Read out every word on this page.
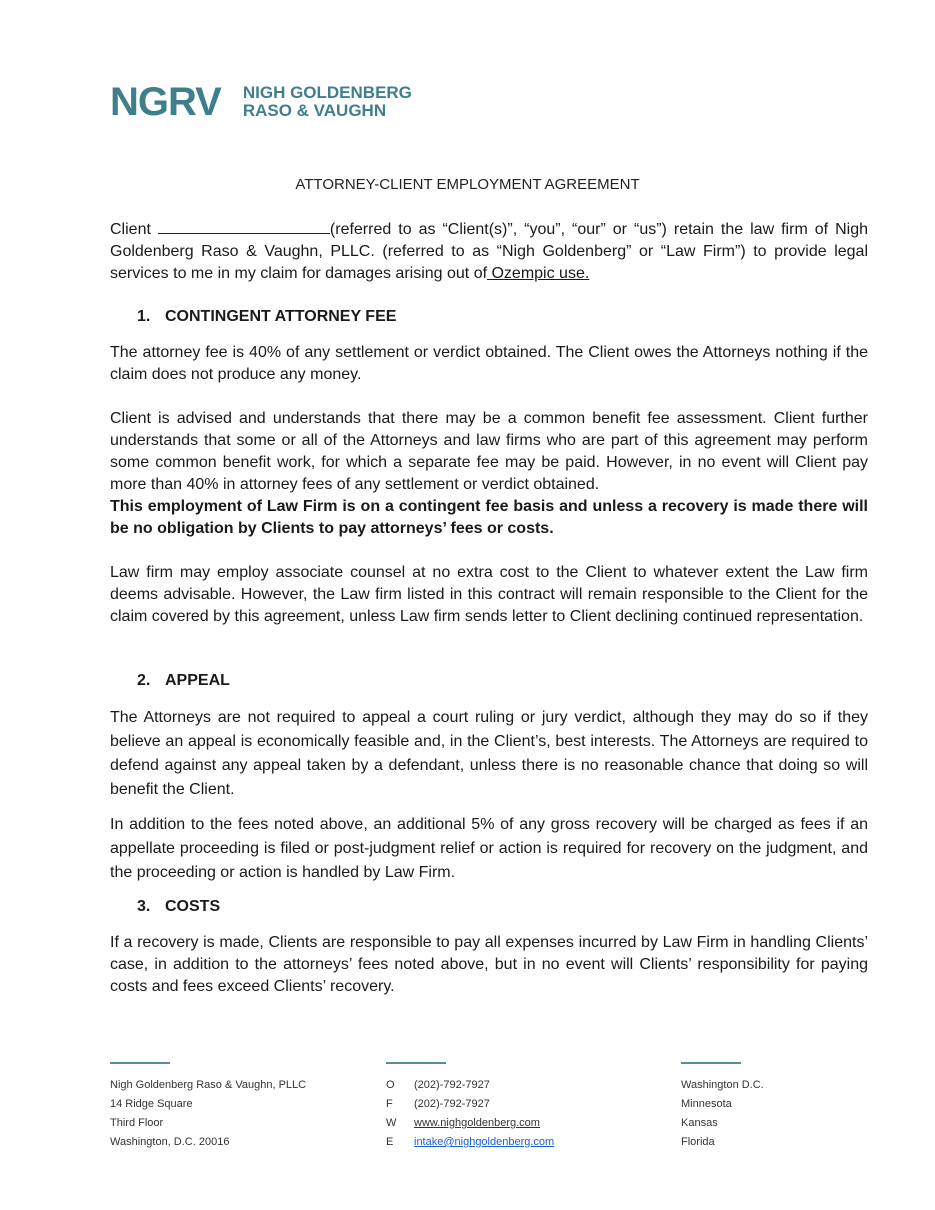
NGRV NIGH GOLDENBERG
RASO & VAUGHN
ATTORNEY-CLIENT EMPLOYMENT AGREEMENT

Client	(referred to as “Client(s)”, “you”, “our” or “us”) retain the law firm of Nigh Goldenberg Raso & Vaughn, PLLC. (referred to as “Nigh Goldenberg” or “Law Firm”) to provide legal services to me in my claim for damages arising out of Ozempic use.

1. CONTINGENT ATTORNEY FEE

The attorney fee is 40% of any settlement or verdict obtained. The Client owes the Attorneys nothing if the claim does not produce any money.

Client is advised and understands that there may be a common benefit fee assessment. Client further understands that some or all of the Attorneys and law firms who are part of this agreement may perform some common benefit work, for which a separate fee may be paid. However, in no event will Client pay more than 40% in attorney fees of any settlement or verdict obtained.

This employment of Law Firm is on a contingent fee basis and unless a recovery is made there will be no obligation by Clients to pay attorneys’ fees or costs.

Law firm may employ associate counsel at no extra cost to the Client to whatever extent the Law firm deems advisable. However, the Law firm listed in this contract will remain responsible to the Client for the claim covered by this agreement, unless Law firm sends letter to Client declining continued representation.

2. APPEAL

The Attorneys are not required to appeal a court ruling or jury verdict, although they may do so if they believe an appeal is economically feasible and, in the Client’s, best interests. The Attorneys are required to defend against any appeal taken by a defendant, unless there is no reasonable chance that doing so will benefit the Client.

In addition to the fees noted above, an additional 5% of any gross recovery will be charged as fees if an appellate proceeding is filed or post-judgment relief or action is required for recovery on the judgment, and the proceeding or action is handled by Law Firm.

3. COSTS

If a recovery is made, Clients are responsible to pay all expenses incurred by Law Firm in handling Clients’ case, in addition to the attorneys’ fees noted above, but in no event will Clients’ responsibility for paying costs and fees exceed Clients’ recovery.

Nigh Goldenberg Raso & Vaughn, PLLC
14 Ridge Square
Third Floor
Washington, D.C. 20016
O (202)-792-7927
F (202)-792-7927
W www.nighgoldenberg.com
E intake@nighgoldenberg.com
Washington D.C.
Minnesota
Kansas
Florida
